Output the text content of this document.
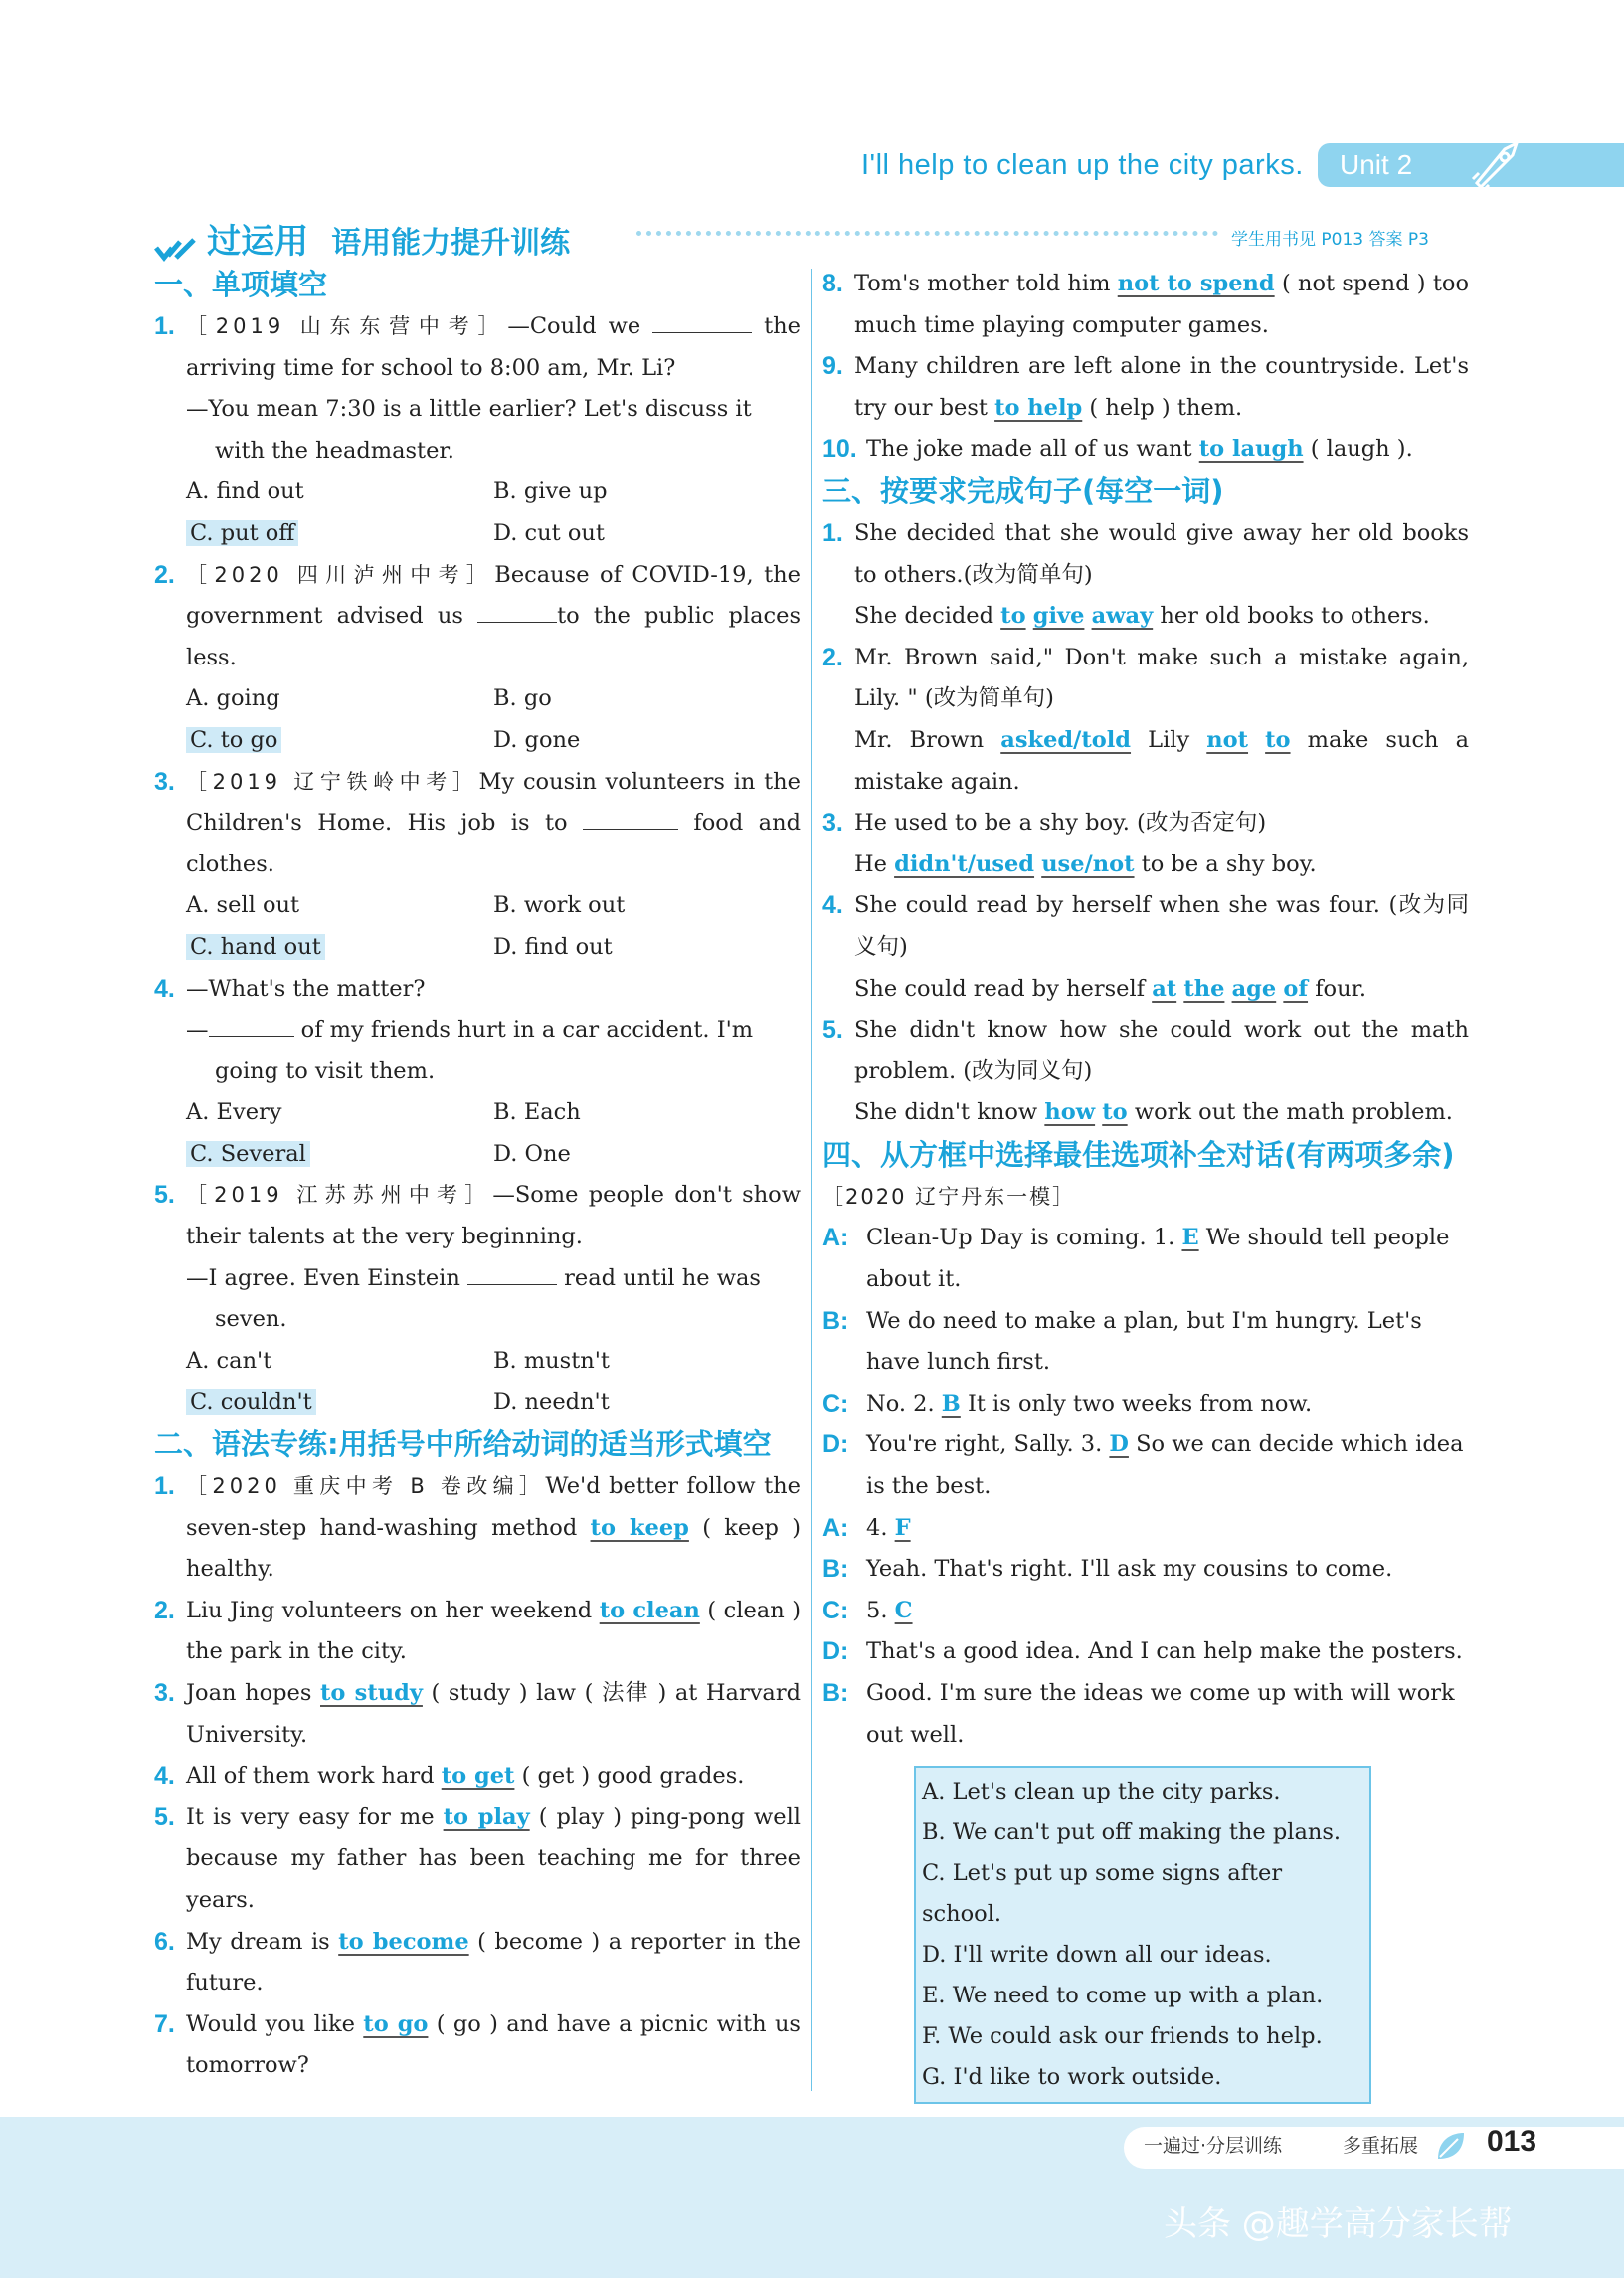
I'll help to clean up the city parks. Unit 2
过运用 语用能力提升训练	学生用书见 P013 答案 P3
一、单项填空
1. ［2019 山东东营中考］—Could we	the arriving time for school to 8:00 am, Mr. Li?
—You mean 7:30 is a little earlier? Let's discuss it with the headmaster.
A. find out	B. give up
C. put off	D. cut out
2. ［2020 四川泸州中考］Because of COVID-19, the government advised us	to the public places less.
A. going	B. go
C. to go	D. gone
3. ［2019 辽宁铁岭中考］My cousin volunteers in the Children's Home. His job is to	food and clothes.
A. sell out	B. work out
C. hand out	D. find out
4. —What's the matter?
—	of my friends hurt in a car accident. I'm going to visit them.
A. Every	B. Each
C. Several	D. One
5. ［2019 江苏苏州中考］—Some people don't show their talents at the very beginning.
—I agree. Even Einstein	read until he was seven.
A. can't	B. mustn't
C. couldn't	D. needn't
二、语法专练:用括号中所给动词的适当形式填空
1. ［2020 重庆中考 B 卷改编］We'd better follow the seven-step hand-washing method to keep ( keep ) healthy.
2. Liu Jing volunteers on her weekend to clean ( clean ) the park in the city.
3. Joan hopes to study ( study ) law ( 法律 ) at Harvard University.
4. All of them work hard to get ( get ) good grades.
5. It is very easy for me to play ( play ) ping-pong well because my father has been teaching me for three years.
6. My dream is to become ( become ) a reporter in the future.
7. Would you like to go ( go ) and have a picnic with us tomorrow?
8. Tom's mother told him not to spend ( not spend ) too much time playing computer games.
9. Many children are left alone in the countryside. Let's try our best to help ( help ) them.
10. The joke made all of us want to laugh ( laugh ).
三、按要求完成句子(每空一词)
1. She decided that she would give away her old books to others.(改为简单句)
She decided to give away her old books to others.
2. Mr. Brown said," Don't make such a mistake again, Lily. " (改为简单句)
Mr. Brown asked/told Lily not to make such a mistake again.
3. He used to be a shy boy. (改为否定句)
He didn't/used use/not to be a shy boy.
4. She could read by herself when she was four. (改为同义句)
She could read by herself at the age of four.
5. She didn't know how she could work out the math problem. (改为同义句)
She didn't know how to work out the math problem.
四、从方框中选择最佳选项补全对话(有两项多余)
［2020 辽宁丹东一模］
A: Clean-Up Day is coming. 1. E We should tell people about it.
B: We do need to make a plan, but I'm hungry. Let's have lunch first.
C: No. 2. B It is only two weeks from now.
D: You're right, Sally. 3. D So we can decide which idea is the best.
A: 4. F
B: Yeah. That's right. I'll ask my cousins to come.
C: 5. C
D: That's a good idea. And I can help make the posters.
B: Good. I'm sure the ideas we come up with will work out well.
A. Let's clean up the city parks.
B. We can't put off making the plans.
C. Let's put up some signs after school.
D. I'll write down all our ideas.
E. We need to come up with a plan.
F. We could ask our friends to help.
G. I'd like to work outside.
一遍过·分层训练	多重拓展 013
头条 @趣学高分家长帮
